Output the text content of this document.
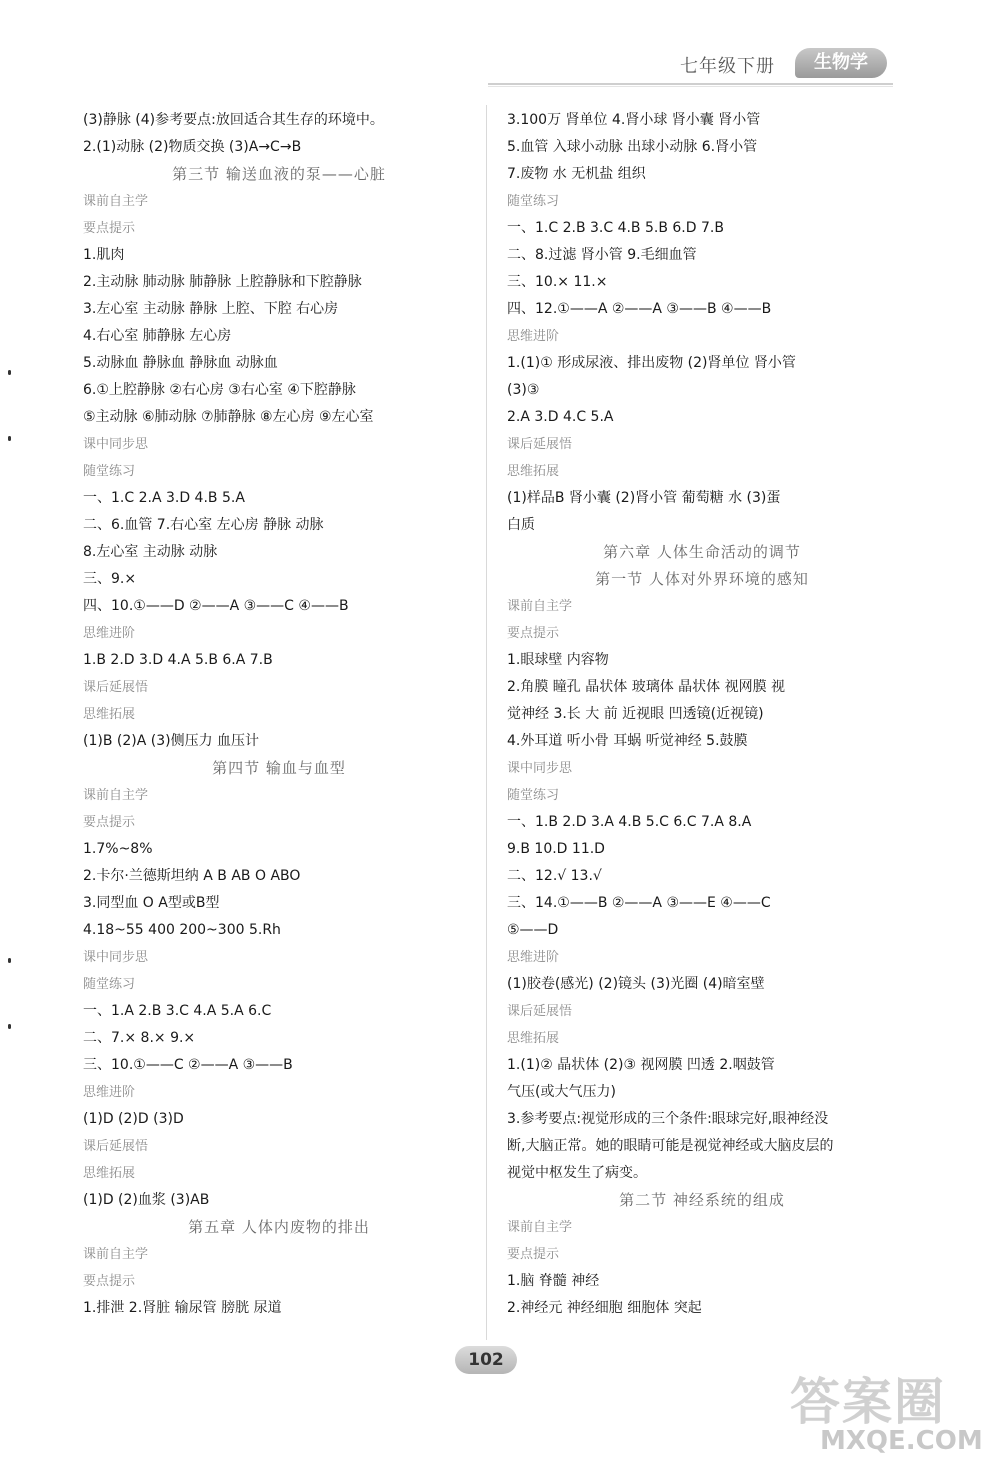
七年级下册	生物学
(3)静脉 (4)参考要点:放回适合其生存的环境中。
2.(1)动脉 (2)物质交换 (3)A→C→B
第三节 输送血液的泵——心脏
课前自主学
要点提示
1.肌肉
2.主动脉 肺动脉 肺静脉 上腔静脉和下腔静脉
3.左心室 主动脉 静脉 上腔、下腔 右心房
4.右心室 肺静脉 左心房
5.动脉血 静脉血 静脉血 动脉血
6.①上腔静脉 ②右心房 ③右心室 ④下腔静脉
⑤主动脉 ⑥肺动脉 ⑦肺静脉 ⑧左心房 ⑨左心室
课中同步思
随堂练习
一、1.C 2.A 3.D 4.B 5.A
二、6.血管 7.右心室 左心房 静脉 动脉
8.左心室 主动脉 动脉
三、9.×
四、10.①——D ②——A ③——C ④——B
思维进阶
1.B 2.D 3.D 4.A 5.B 6.A 7.B
课后延展悟
思维拓展
(1)B (2)A (3)侧压力 血压计
第四节 输血与血型
课前自主学
要点提示
1.7%~8%
2.卡尔·兰德斯坦纳 A B AB O ABO
3.同型血 O A型或B型
4.18~55 400 200~300 5.Rh
课中同步思
随堂练习
一、1.A 2.B 3.C 4.A 5.A 6.C
二、7.× 8.× 9.×
三、10.①——C ②——A ③——B
思维进阶
(1)D (2)D (3)D
课后延展悟
思维拓展
(1)D (2)血浆 (3)AB
第五章 人体内废物的排出
课前自主学
要点提示
1.排泄 2.肾脏 输尿管 膀胱 尿道
3.100万 肾单位 4.肾小球 肾小囊 肾小管
5.血管 入球小动脉 出球小动脉 6.肾小管
7.废物 水 无机盐 组织
随堂练习
一、1.C 2.B 3.C 4.B 5.B 6.D 7.B
二、8.过滤 肾小管 9.毛细血管
三、10.× 11.×
四、12.①——A ②——A ③——B ④——B
思维进阶
1.(1)① 形成尿液、排出废物 (2)肾单位 肾小管
(3)③
2.A 3.D 4.C 5.A
课后延展悟
思维拓展
(1)样品B 肾小囊 (2)肾小管 葡萄糖 水 (3)蛋
白质
第六章 人体生命活动的调节
第一节 人体对外界环境的感知
课前自主学
要点提示
1.眼球壁 内容物
2.角膜 瞳孔 晶状体 玻璃体 晶状体 视网膜 视
觉神经 3.长 大 前 近视眼 凹透镜(近视镜)
4.外耳道 听小骨 耳蜗 听觉神经 5.鼓膜
课中同步思
随堂练习
一、1.B 2.D 3.A 4.B 5.C 6.C 7.A 8.A
9.B 10.D 11.D
二、12.√ 13.√
三、14.①——B ②——A ③——E ④——C
⑤——D
思维进阶
(1)胶卷(感光) (2)镜头 (3)光圈 (4)暗室壁
课后延展悟
思维拓展
1.(1)② 晶状体 (2)③ 视网膜 凹透 2.咽鼓管
气压(或大气压力)
3.参考要点:视觉形成的三个条件:眼球完好,眼神经没
断,大脑正常。她的眼睛可能是视觉神经或大脑皮层的
视觉中枢发生了病变。
第二节 神经系统的组成
课前自主学
要点提示
1.脑 脊髓 神经
2.神经元 神经细胞 细胞体 突起
102
答案圈
MXQE.COM
